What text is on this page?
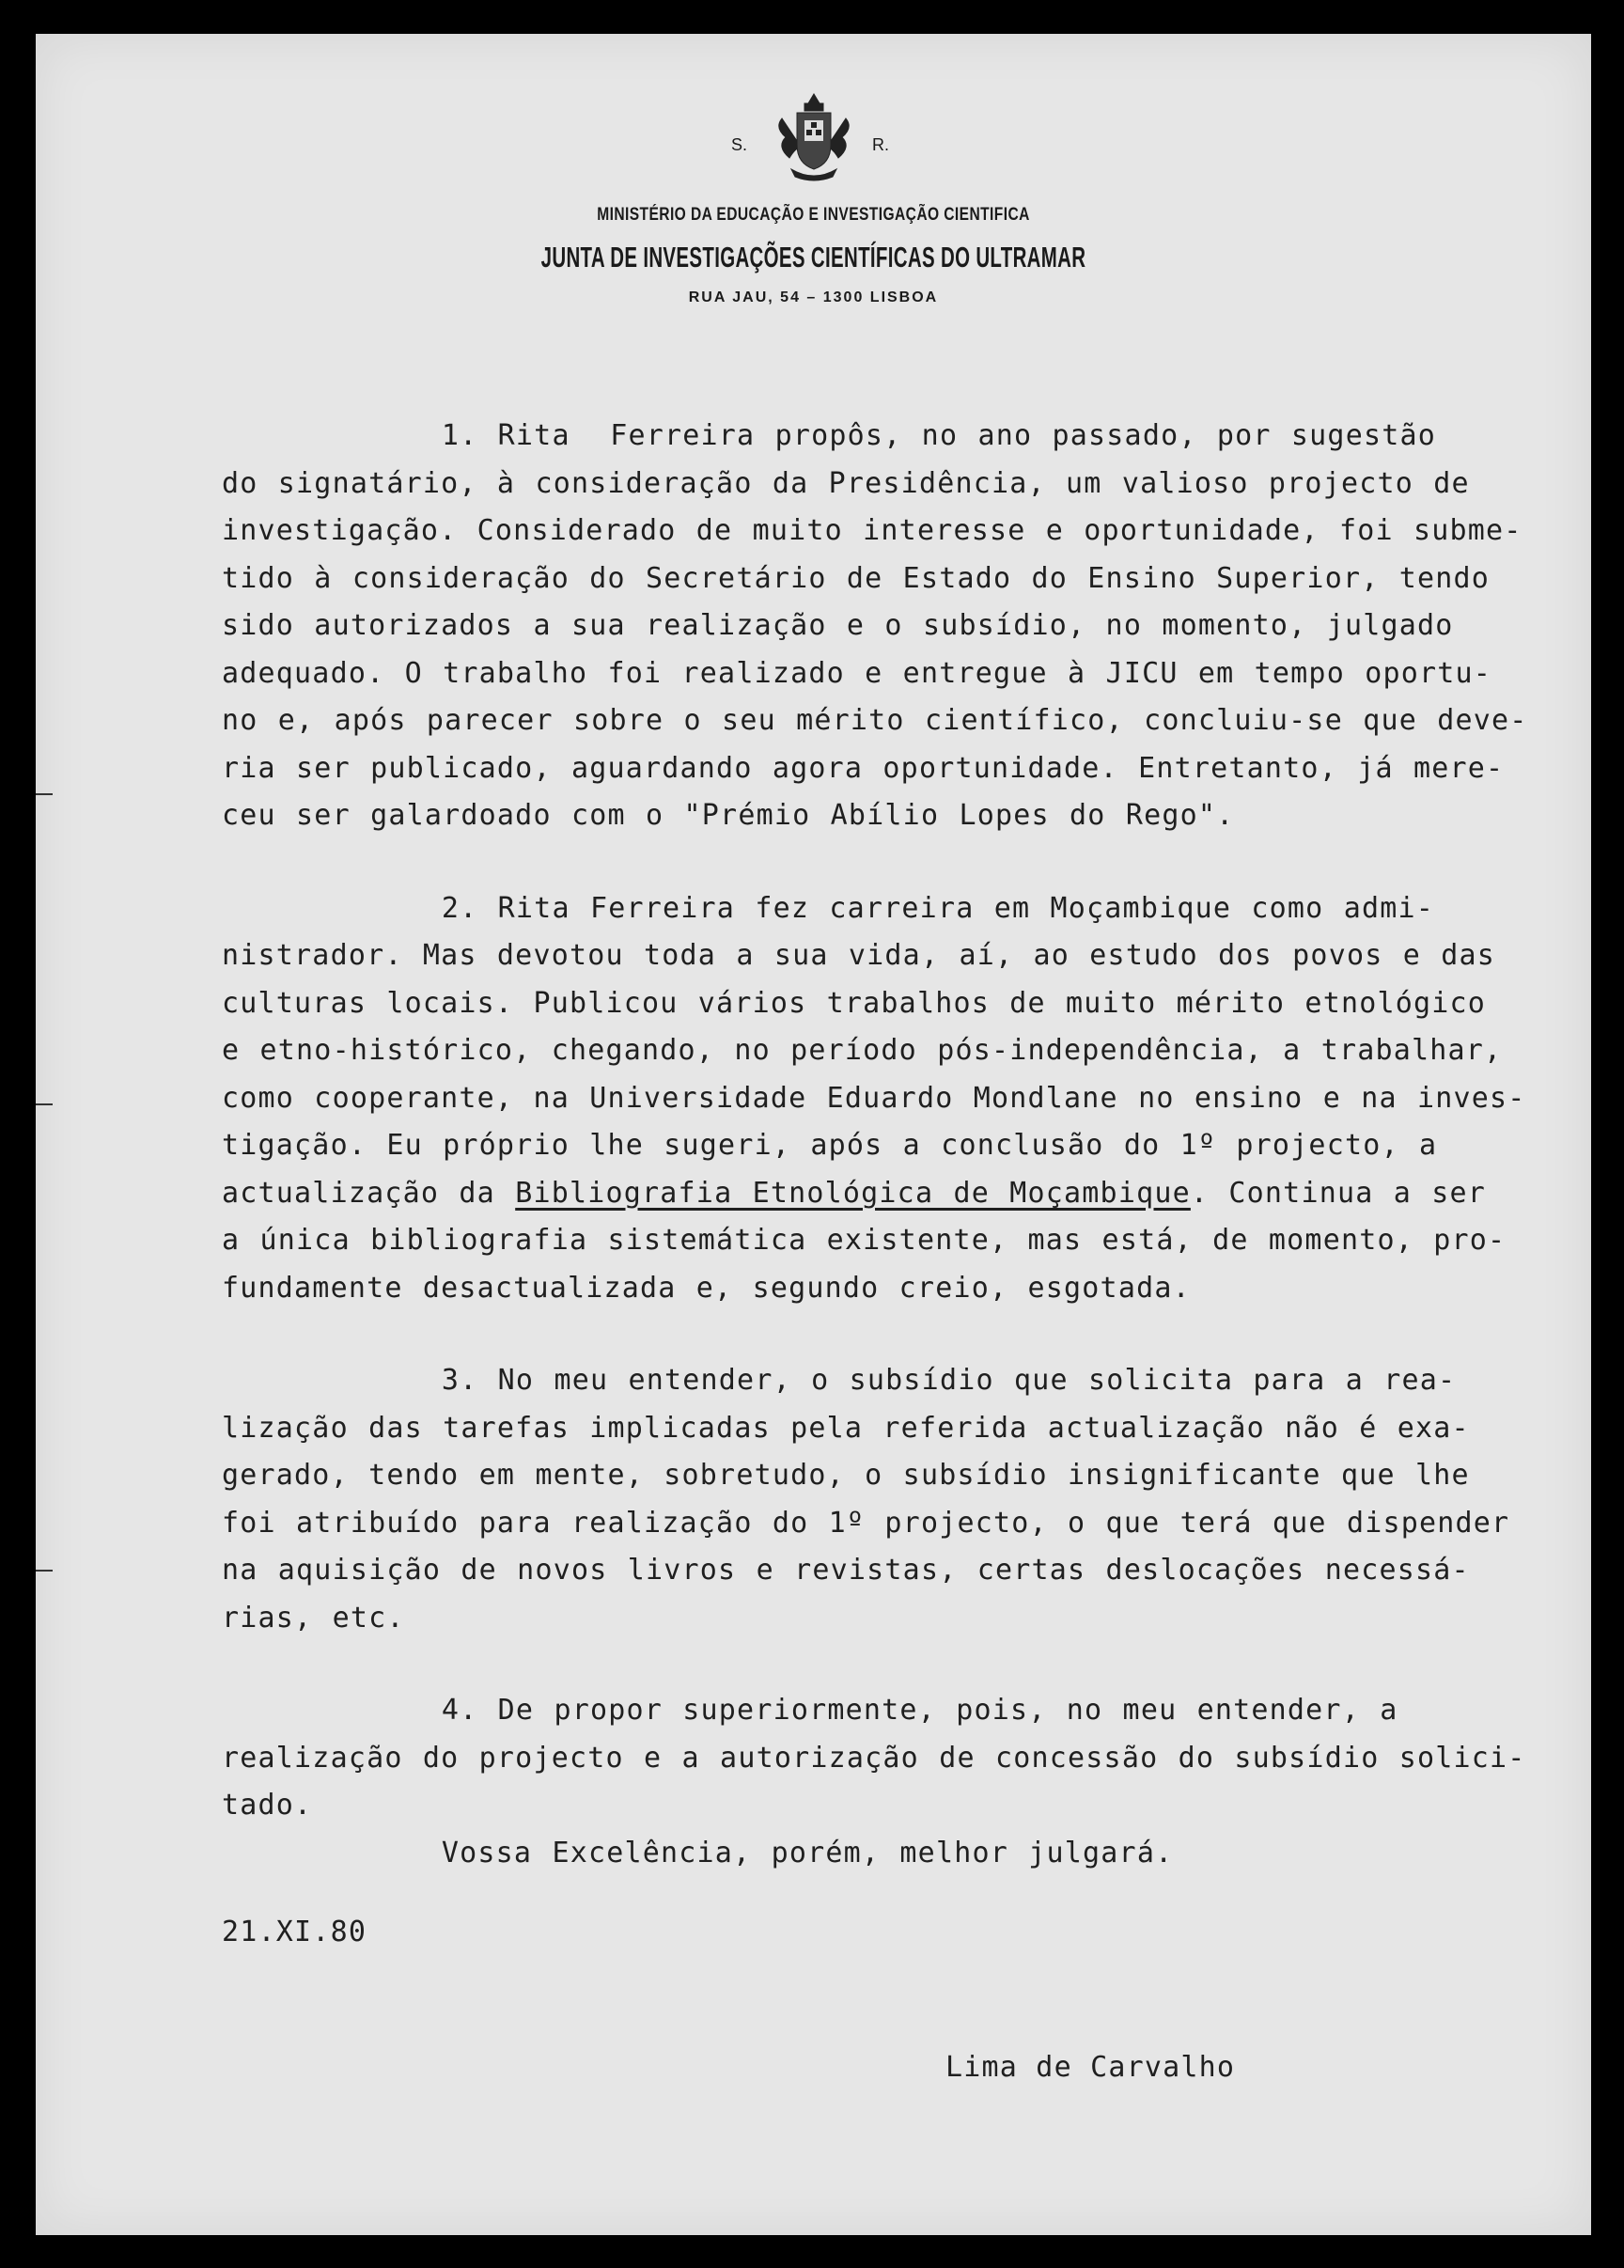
S.	R.
MINISTÉRIO DA EDUCAÇÃO E INVESTIGAÇÃO CIENTIFICA
JUNTA DE INVESTIGAÇÕES CIENTÍFICAS DO ULTRAMAR
RUA JAU, 54 – 1300 LISBOA
1. Rita  Ferreira propôs, no ano passado, por sugestão
do signatário, à consideração da Presidência, um valioso projecto de
investigação. Considerado de muito interesse e oportunidade, foi subme-
tido à consideração do Secretário de Estado do Ensino Superior, tendo
sido autorizados a sua realização e o subsídio, no momento, julgado
adequado. O trabalho foi realizado e entregue à JICU em tempo oportu-
no e, após parecer sobre o seu mérito científico, concluiu-se que deve-
ria ser publicado, aguardando agora oportunidade. Entretanto, já mere-
ceu ser galardoado com o "Prémio Abílio Lopes do Rego".
2. Rita Ferreira fez carreira em Moçambique como admi-
nistrador. Mas devotou toda a sua vida, aí, ao estudo dos povos e das
culturas locais. Publicou vários trabalhos de muito mérito etnológico
e etno-histórico, chegando, no período pós-independência, a trabalhar,
como cooperante, na Universidade Eduardo Mondlane no ensino e na inves-
tigação. Eu próprio lhe sugeri, após a conclusão do 1º projecto, a
actualização da Bibliografia Etnológica de Moçambique. Continua a ser
a única bibliografia sistemática existente, mas está, de momento, pro-
fundamente desactualizada e, segundo creio, esgotada.
3. No meu entender, o subsídio que solicita para a rea-
lização das tarefas implicadas pela referida actualização não é exa-
gerado, tendo em mente, sobretudo, o subsídio insignificante que lhe
foi atribuído para realização do 1º projecto, o que terá que dispender
na aquisição de novos livros e revistas, certas deslocações necessá-
rias, etc.
4. De propor superiormente, pois, no meu entender, a
realização do projecto e a autorização de concessão do subsídio solici-
tado.
Vossa Excelência, porém, melhor julgará.
21.XI.80
Lima de Carvalho
